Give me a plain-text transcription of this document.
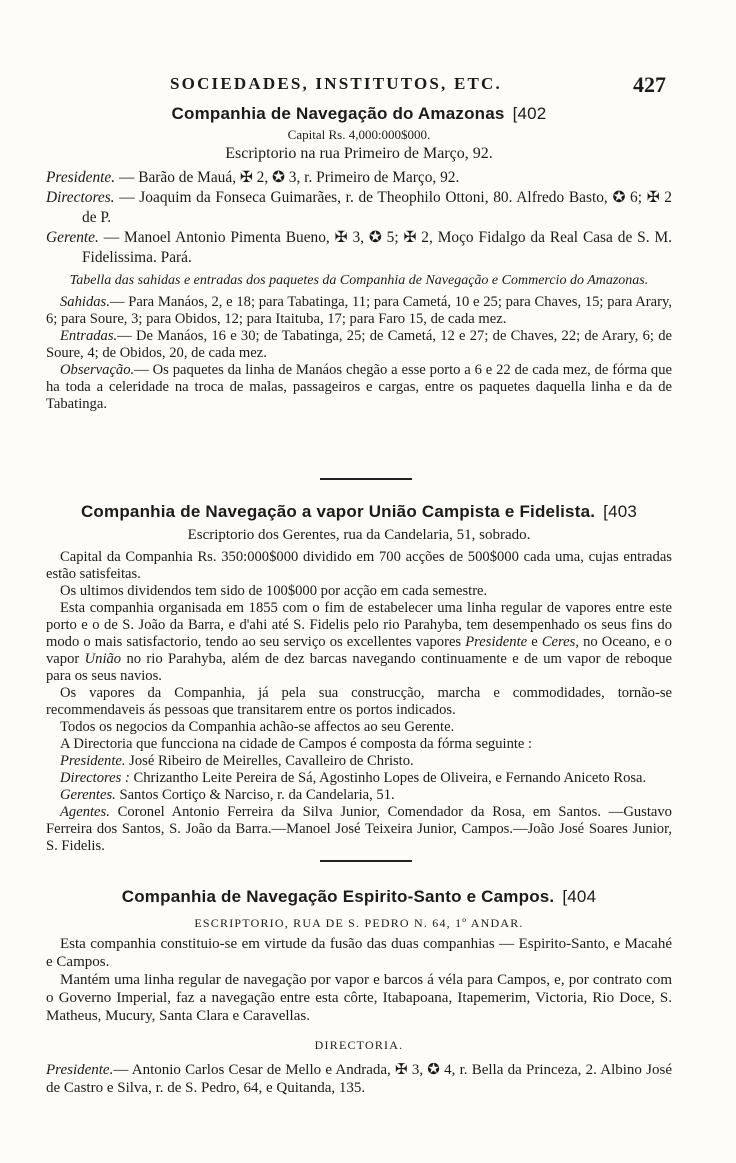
SOCIEDADES, INSTITUTOS, ETC.	427

Companhia de Navegação do Amazonas [402

Capital Rs. 4,000:000$000.

Escriptorio na rua Primeiro de Março, 92.

Presidente. — Barão de Mauá, ✠ 2, ✪ 3, r. Primeiro de Março, 92.

Directores. — Joaquim da Fonseca Guimarães, r. de Theophilo Ottoni, 80. Alfredo Basto, ✪ 6; ✠ 2 de P.

Gerente. — Manoel Antonio Pimenta Bueno, ✠ 3, ✪ 5; ✠ 2, Moço Fidalgo da Real Casa de S. M. Fidelissima. Pará.

Tabella das sahidas e entradas dos paquetes da Companhia de Navegação e Commercio do Amazonas.

Sahidas.— Para Manáos, 2, e 18; para Tabatinga, 11; para Cametá, 10 e 25; para Chaves, 15; para Arary, 6; para Soure, 3; para Obidos, 12; para Itaituba, 17; para Faro 15, de cada mez.

Entradas.— De Manáos, 16 e 30; de Tabatinga, 25; de Cametá, 12 e 27; de Chaves, 22; de Arary, 6; de Soure, 4; de Obidos, 20, de cada mez.

Observação.— Os paquetes da linha de Manáos chegão a esse porto a 6 e 22 de cada mez, de fórma que ha toda a celeridade na troca de malas, passageiros e cargas, entre os paquetes daquella linha e da de Tabatinga.

Companhia de Navegação a vapor União Campista e Fidelista. [403

Escriptorio dos Gerentes, rua da Candelaria, 51, sobrado.

Capital da Companhia Rs. 350:000$000 dividido em 700 acções de 500$000 cada uma, cujas entradas estão satisfeitas.

Os ultimos dividendos tem sido de 100$000 por acção em cada semestre.

Esta companhia organisada em 1855 com o fim de estabelecer uma linha regular de vapores entre este porto e o de S. João da Barra, e d'ahi até S. Fidelis pelo rio Parahyba, tem desempenhado os seus fins do modo o mais satisfactorio, tendo ao seu serviço os excellentes vapores Presidente e Ceres, no Oceano, e o vapor União no rio Parahyba, além de dez barcas navegando continuamente e de um vapor de reboque para os seus navios.

Os vapores da Companhia, já pela sua construcção, marcha e commodidades, tornão-se recommendaveis ás pessoas que transitarem entre os portos indicados.

Todos os negocios da Companhia achão-se affectos ao seu Gerente.

A Directoria que funcciona na cidade de Campos é composta da fórma seguinte :

Presidente. José Ribeiro de Meirelles, Cavalleiro de Christo.

Directores : Chrizantho Leite Pereira de Sá, Agostinho Lopes de Oliveira, e Fernando Aniceto Rosa.

Gerentes. Santos Cortiço & Narciso, r. da Candelaria, 51.

Agentes. Coronel Antonio Ferreira da Silva Junior, Comendador da Rosa, em Santos. —Gustavo Ferreira dos Santos, S. João da Barra.—Manoel José Teixeira Junior, Campos.—João José Soares Junior, S. Fidelis.

Companhia de Navegação Espirito-Santo e Campos. [404

ESCRIPTORIO, RUA DE S. PEDRO N. 64, 1º ANDAR.

Esta companhia constituio-se em virtude da fusão das duas companhias — Espirito-Santo, e Macahé e Campos.

Mantém uma linha regular de navegação por vapor e barcos á véla para Campos, e, por contrato com o Governo Imperial, faz a navegação entre esta côrte, Itabapoana, Itapemerim, Victoria, Rio Doce, S. Matheus, Mucury, Santa Clara e Caravellas.

DIRECTORIA.

Presidente.— Antonio Carlos Cesar de Mello e Andrada, ✠ 3, ✪ 4, r. Bella da Princeza, 2. Albino José de Castro e Silva, r. de S. Pedro, 64, e Quitanda, 135.
